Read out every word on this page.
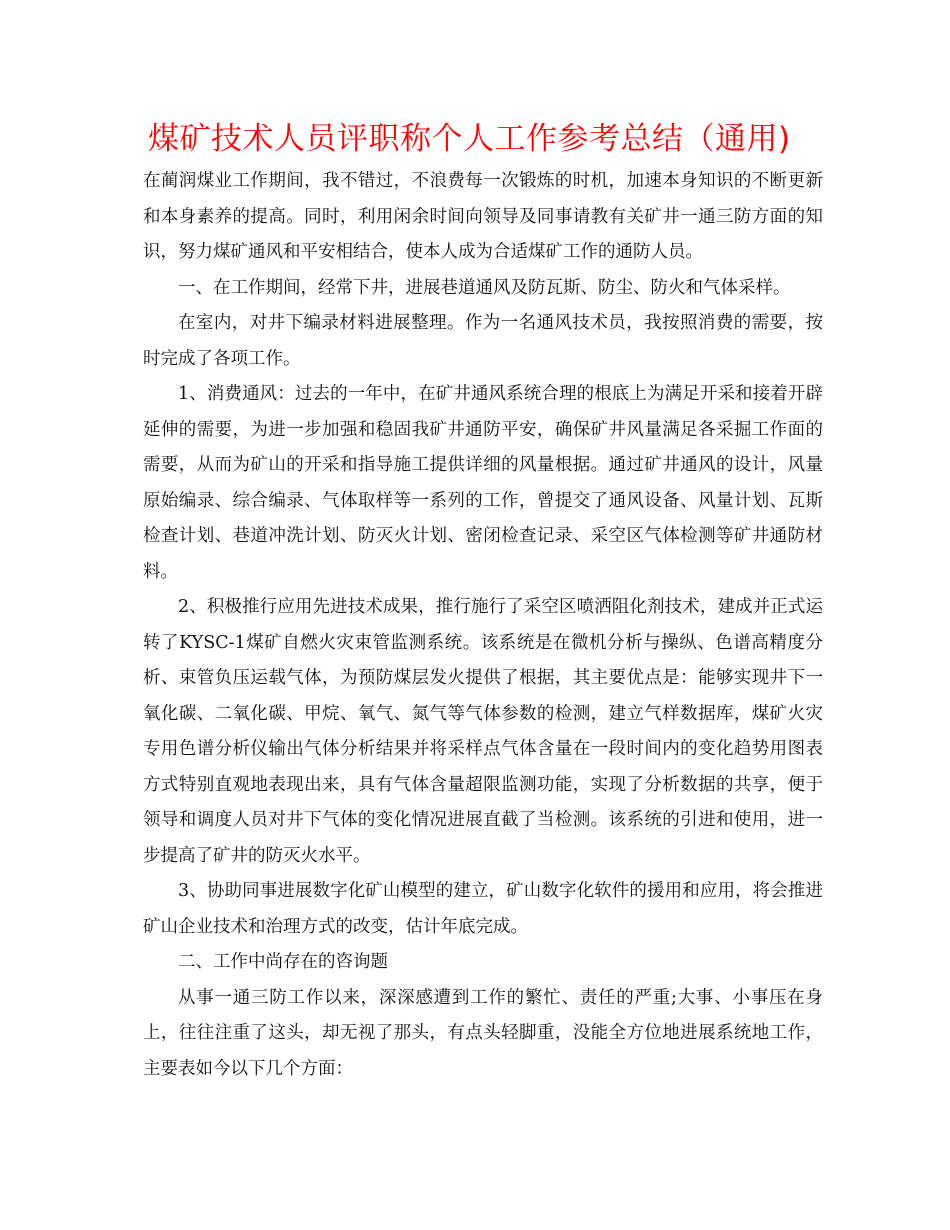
煤矿技术人员评职称个人工作参考总结（通用)

在蔺润煤业工作期间，我不错过，不浪费每一次锻炼的时机，加速本身知识的不断更新和本身素养的提高。同时，利用闲余时间向领导及同事请教有关矿井一通三防方面的知识，努力煤矿通风和平安相结合，使本人成为合适煤矿工作的通防人员。

一、在工作期间，经常下井，进展巷道通风及防瓦斯、防尘、防火和气体采样。

在室内，对井下编录材料进展整理。作为一名通风技术员，我按照消费的需要，按时完成了各项工作。

1、消费通风：过去的一年中，在矿井通风系统合理的根底上为满足开采和接着开辟延伸的需要，为进一步加强和稳固我矿井通防平安，确保矿井风量满足各采掘工作面的需要，从而为矿山的开采和指导施工提供详细的风量根据。通过矿井通风的设计，风量原始编录、综合编录、气体取样等一系列的工作，曾提交了通风设备、风量计划、瓦斯检查计划、巷道冲洗计划、防灭火计划、密闭检查记录、采空区气体检测等矿井通防材料。

2、积极推行应用先进技术成果，推行施行了采空区喷洒阻化剂技术，建成并正式运转了KYSC-1煤矿自燃火灾束管监测系统。该系统是在微机分析与操纵、色谱高精度分析、束管负压运载气体，为预防煤层发火提供了根据，其主要优点是：能够实现井下一氧化碳、二氧化碳、甲烷、氧气、氮气等气体参数的检测，建立气样数据库，煤矿火灾专用色谱分析仪输出气体分析结果并将采样点气体含量在一段时间内的变化趋势用图表方式特别直观地表现出来，具有气体含量超限监测功能，实现了分析数据的共享，便于领导和调度人员对井下气体的变化情况进展直截了当检测。该系统的引进和使用，进一步提高了矿井的防灭火水平。

3、协助同事进展数字化矿山模型的建立，矿山数字化软件的援用和应用，将会推进矿山企业技术和治理方式的改变，估计年底完成。

二、工作中尚存在的咨询题

从事一通三防工作以来，深深感遭到工作的繁忙、责任的严重;大事、小事压在身上，往往注重了这头，却无视了那头，有点头轻脚重，没能全方位地进展系统地工作，主要表如今以下几个方面：
